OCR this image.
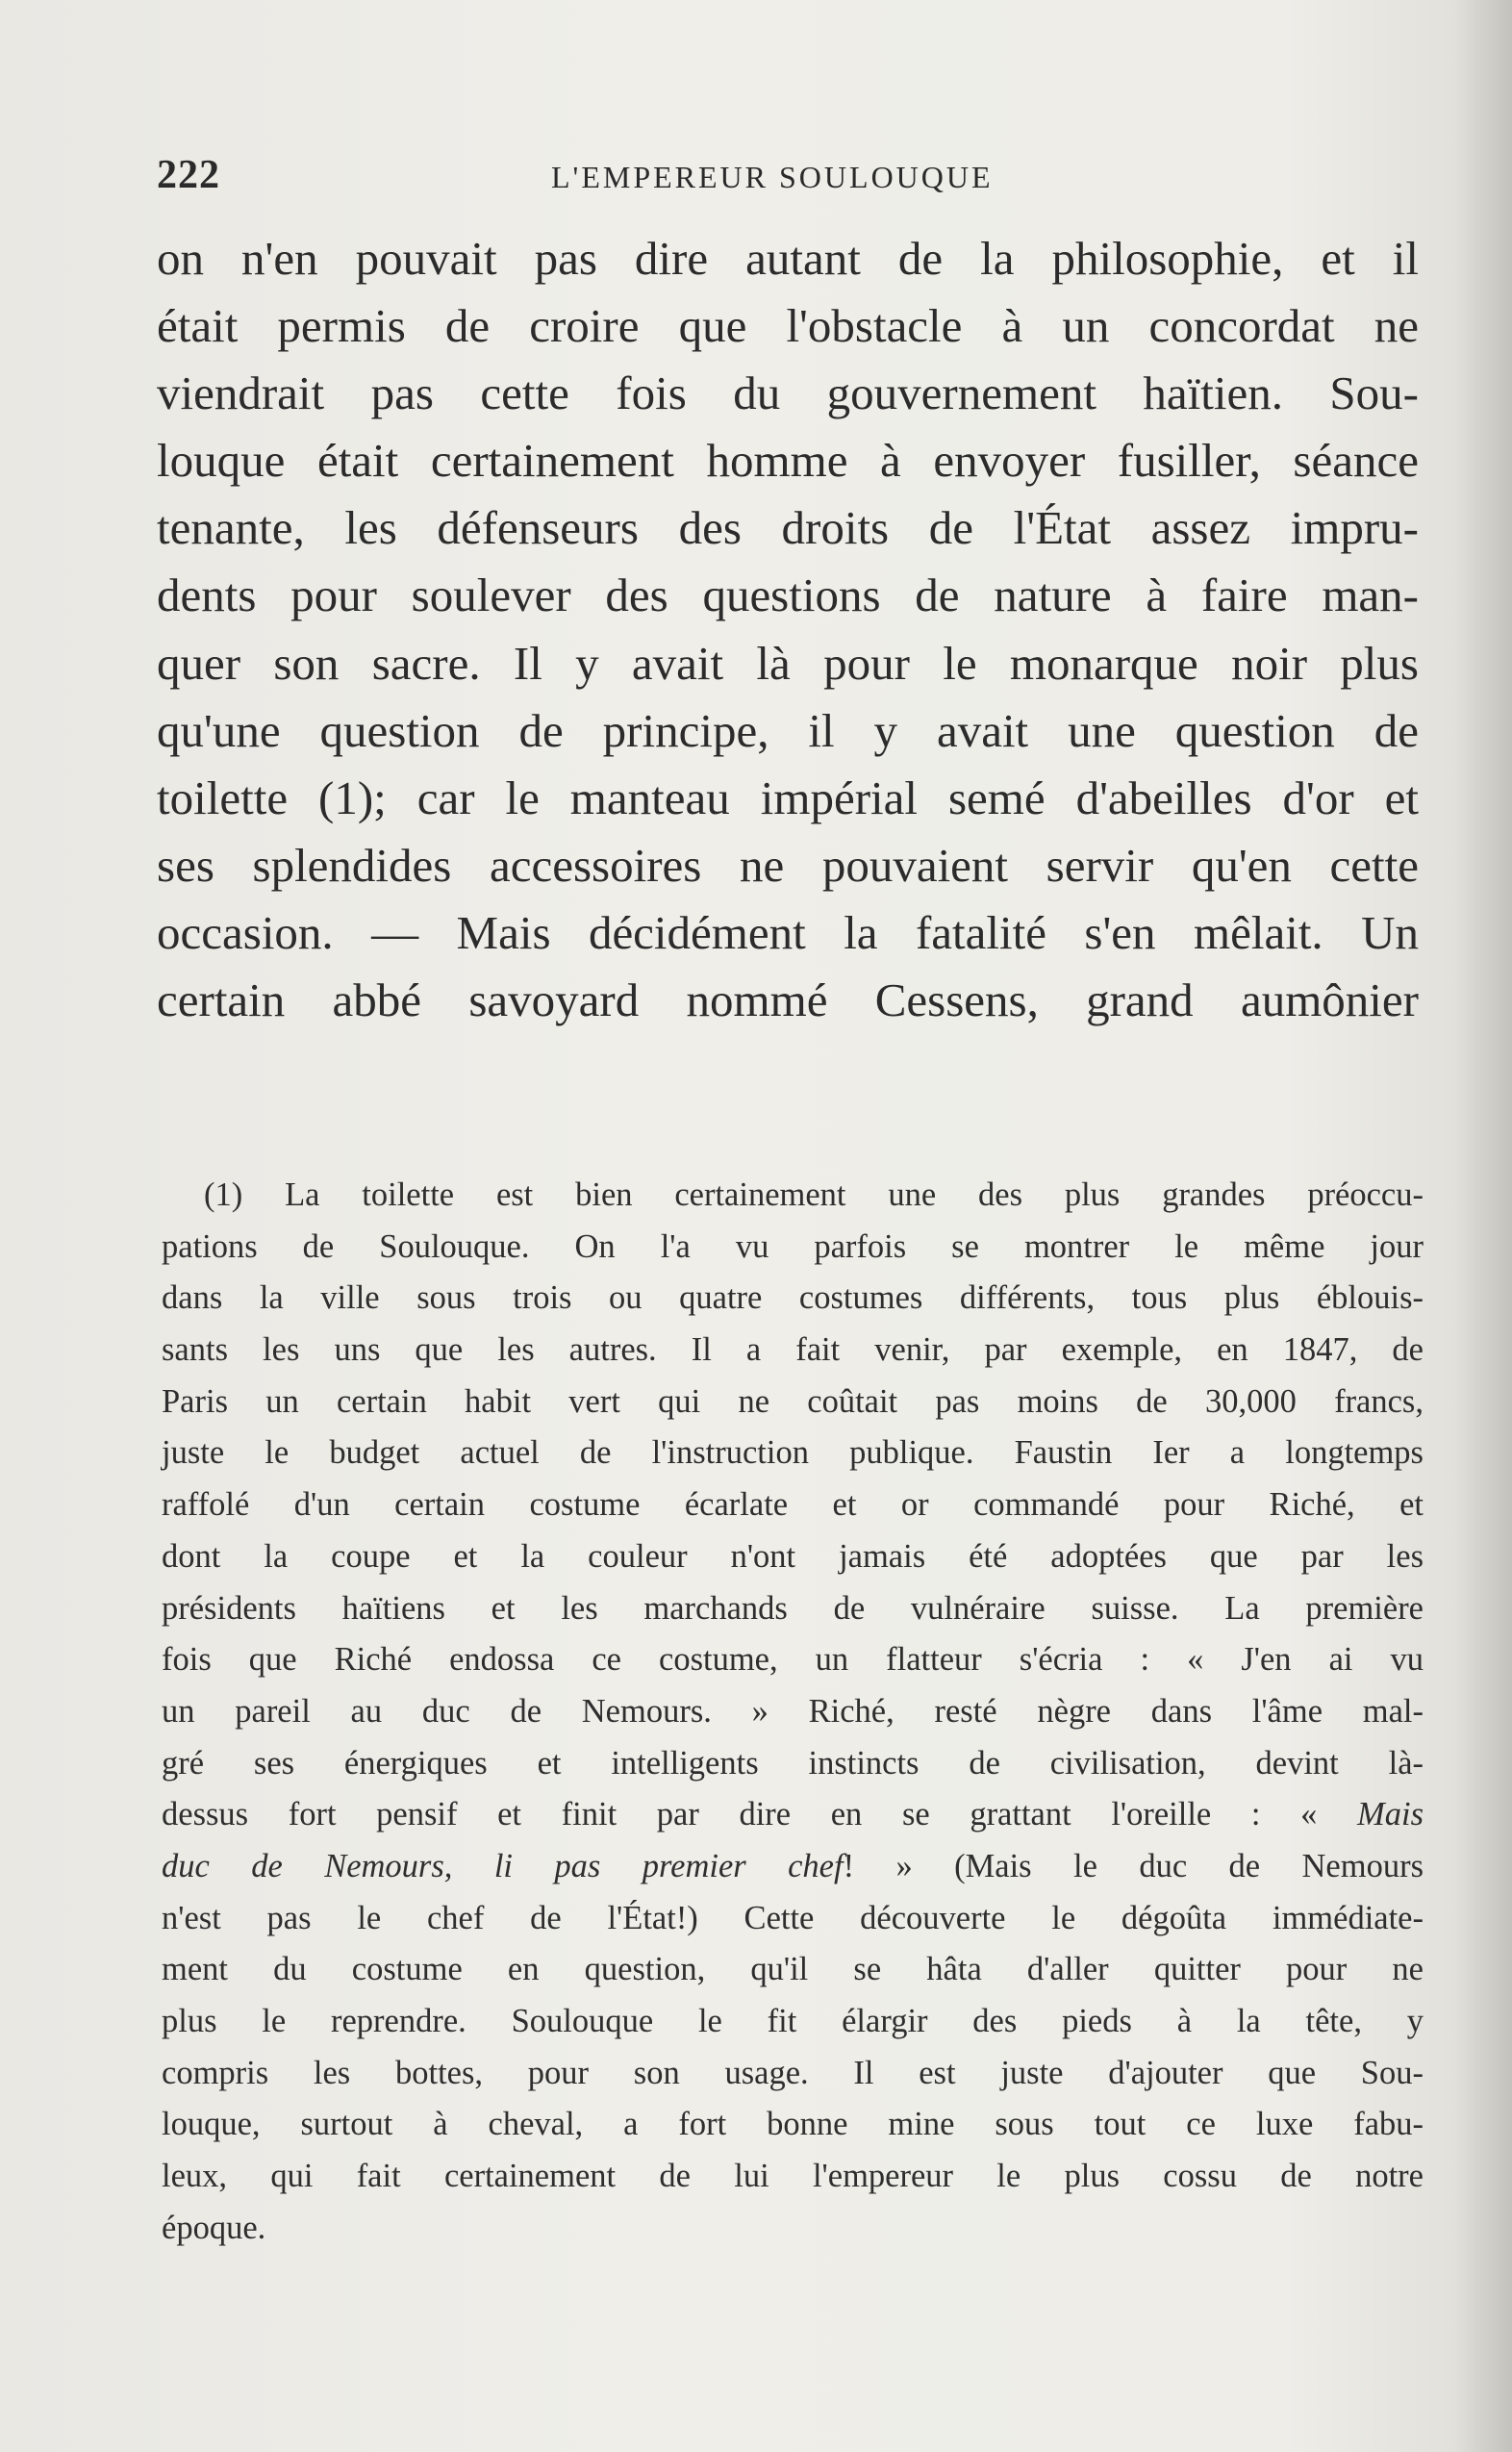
222	L'EMPEREUR SOULOUQUE
on n'en pouvait pas dire autant de la philosophie, et il
était permis de croire que l'obstacle à un concordat ne
viendrait pas cette fois du gouvernement haïtien. Sou-
louque était certainement homme à envoyer fusiller, séance
tenante, les défenseurs des droits de l'État assez impru-
dents pour soulever des questions de nature à faire man-
quer son sacre. Il y avait là pour le monarque noir plus
qu'une question de principe, il y avait une question de
toilette (1); car le manteau impérial semé d'abeilles d'or et
ses splendides accessoires ne pouvaient servir qu'en cette
occasion. — Mais décidément la fatalité s'en mêlait. Un
certain abbé savoyard nommé Cessens, grand aumônier
(1) La toilette est bien certainement une des plus grandes préoccu-
pations de Soulouque. On l'a vu parfois se montrer le même jour
dans la ville sous trois ou quatre costumes différents, tous plus éblouis-
sants les uns que les autres. Il a fait venir, par exemple, en 1847, de
Paris un certain habit vert qui ne coûtait pas moins de 30,000 francs,
juste le budget actuel de l'instruction publique. Faustin Ier a longtemps
raffolé d'un certain costume écarlate et or commandé pour Riché, et
dont la coupe et la couleur n'ont jamais été adoptées que par les
présidents haïtiens et les marchands de vulnéraire suisse. La première
fois que Riché endossa ce costume, un flatteur s'écria : « J'en ai vu
un pareil au duc de Nemours. » Riché, resté nègre dans l'âme mal-
gré ses énergiques et intelligents instincts de civilisation, devint là-
dessus fort pensif et finit par dire en se grattant l'oreille : « Mais
duc de Nemours, li pas premier chef! » (Mais le duc de Nemours
n'est pas le chef de l'État!) Cette découverte le dégoûta immédiate-
ment du costume en question, qu'il se hâta d'aller quitter pour ne
plus le reprendre. Soulouque le fit élargir des pieds à la tête, y
compris les bottes, pour son usage. Il est juste d'ajouter que Sou-
louque, surtout à cheval, a fort bonne mine sous tout ce luxe fabu-
leux, qui fait certainement de lui l'empereur le plus cossu de notre
époque.
